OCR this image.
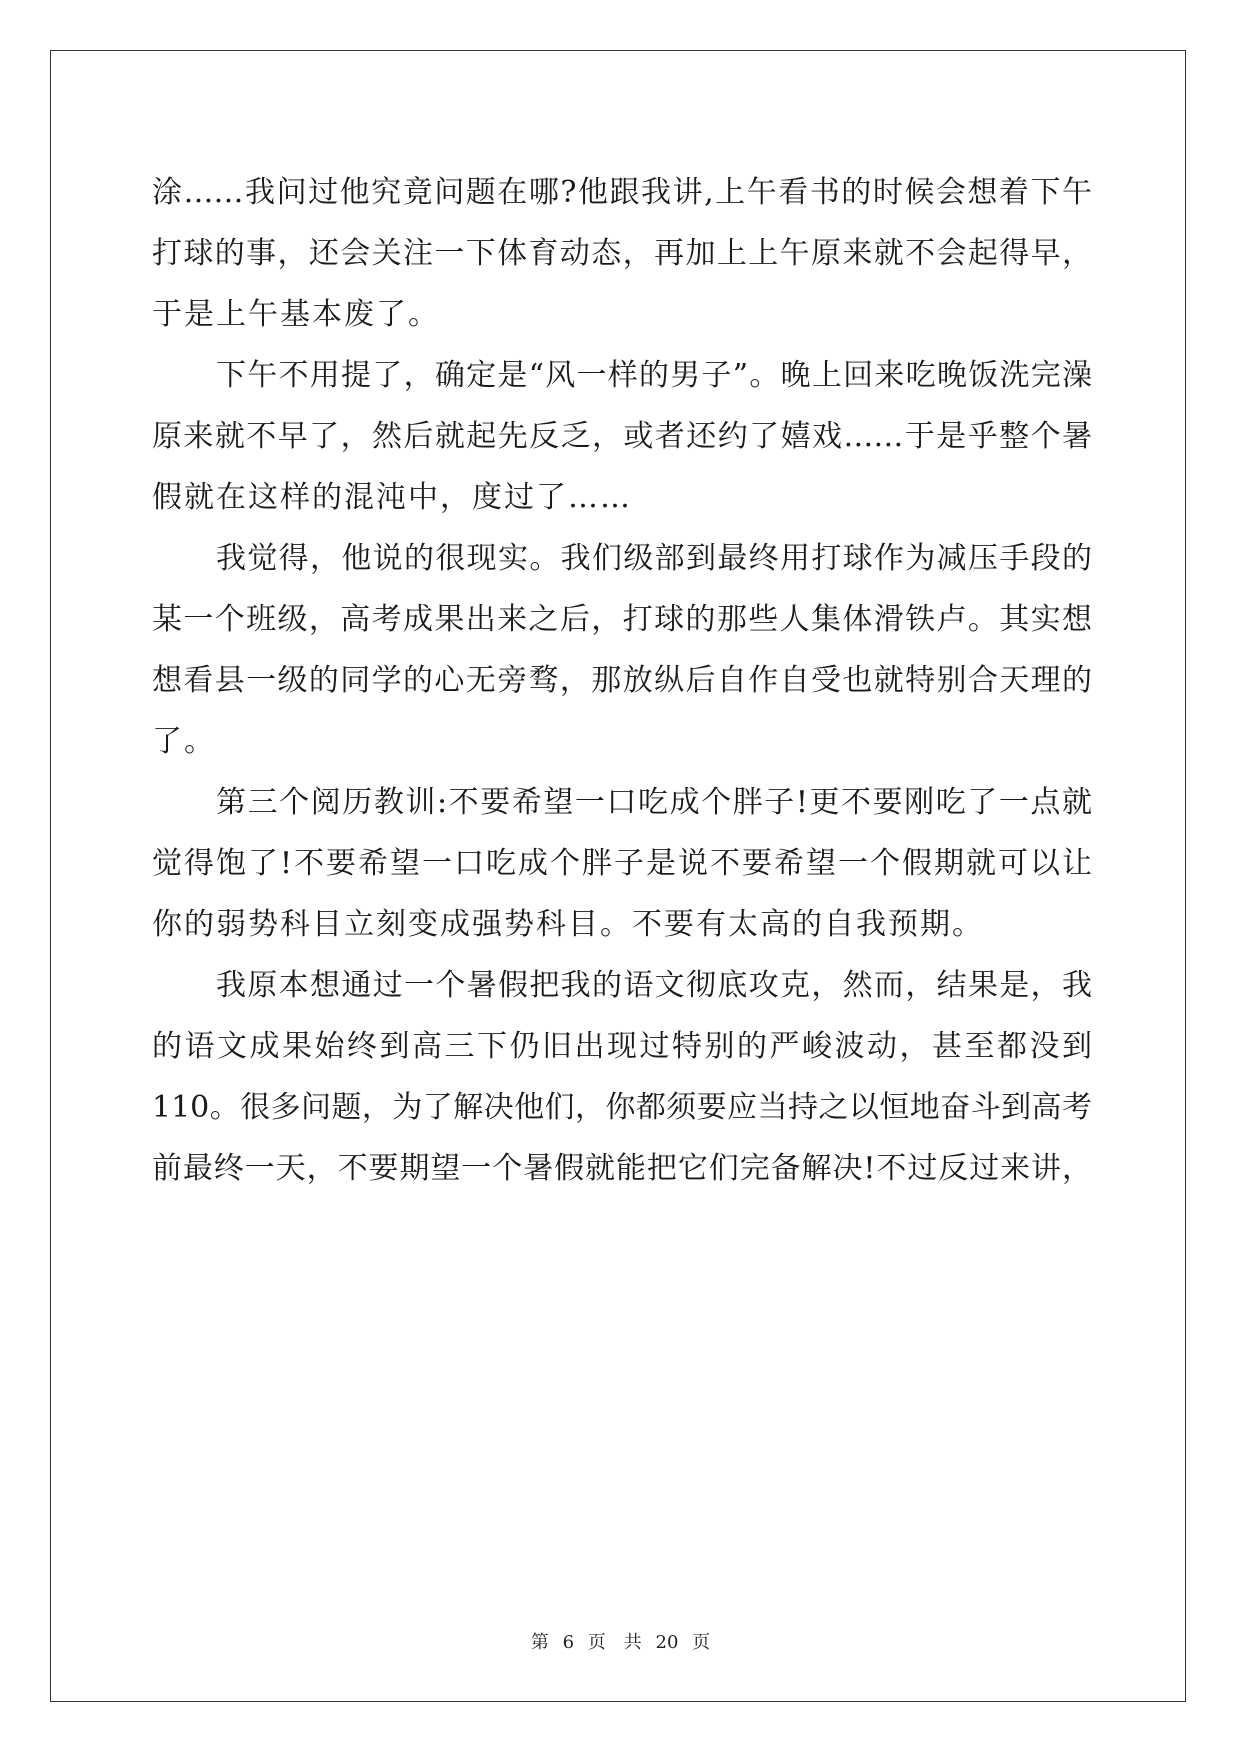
涂……我问过他究竟问题在哪?他跟我讲,上午看书的时候会想着下午
打球的事，还会关注一下体育动态，再加上上午原来就不会起得早，
于是上午基本废了。
下午不用提了，确定是“风一样的男子”。晚上回来吃晚饭洗完澡
原来就不早了，然后就起先反乏，或者还约了嬉戏……于是乎整个暑
假就在这样的混沌中，度过了……
我觉得，他说的很现实。我们级部到最终用打球作为减压手段的
某一个班级，高考成果出来之后，打球的那些人集体滑铁卢。其实想
想看县一级的同学的心无旁骛，那放纵后自作自受也就特别合天理的
了。
第三个阅历教训:不要希望一口吃成个胖子!更不要刚吃了一点就
觉得饱了!不要希望一口吃成个胖子是说不要希望一个假期就可以让
你的弱势科目立刻变成强势科目。不要有太高的自我预期。
我原本想通过一个暑假把我的语文彻底攻克，然而，结果是，我
的语文成果始终到高三下仍旧出现过特别的严峻波动，甚至都没到
110。很多问题，为了解决他们，你都须要应当持之以恒地奋斗到高考
前最终一天，不要期望一个暑假就能把它们完备解决!不过反过来讲，
第 6 页　共 20 页
